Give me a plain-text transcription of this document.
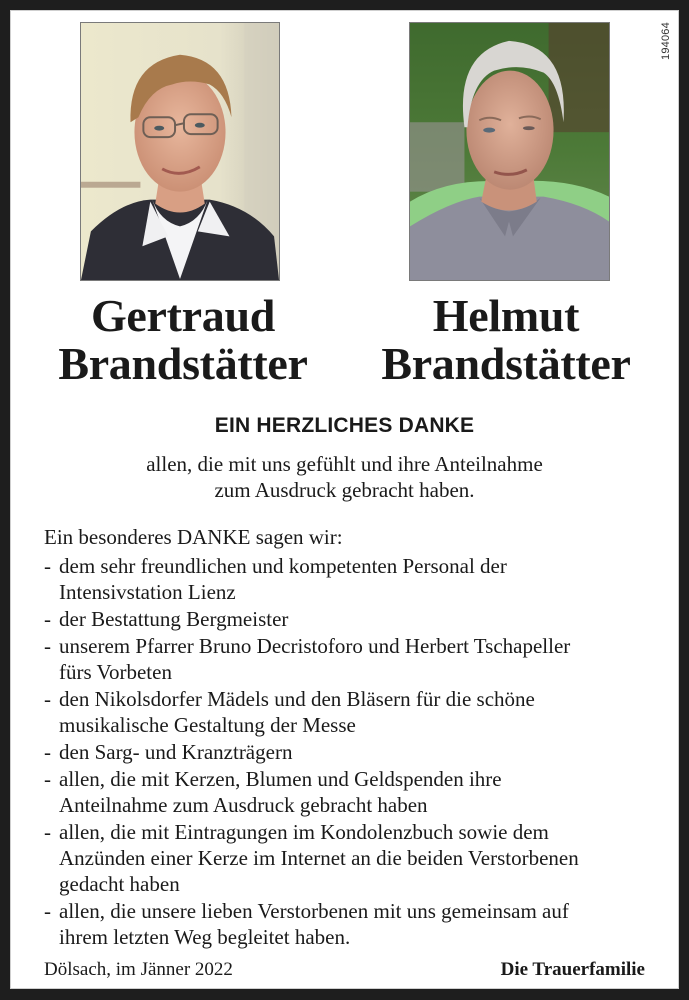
194064
Gertraud
Brandstätter
Helmut
Brandstätter
EIN HERZLICHES DANKE
allen, die mit uns gefühlt und ihre Anteilnahme
zum Ausdruck gebracht haben.
Ein besonderes DANKE sagen wir:
- dem sehr freundlichen und kompetenten Personal der
Intensivstation Lienz
- der Bestattung Bergmeister
- unserem Pfarrer Bruno Decristoforo und Herbert Tschapeller
fürs Vorbeten
- den Nikolsdorfer Mädels und den Bläsern für die schöne
musikalische Gestaltung der Messe
- den Sarg- und Kranzträgern
- allen, die mit Kerzen, Blumen und Geldspenden ihre
Anteilnahme zum Ausdruck gebracht haben
- allen, die mit Eintragungen im Kondolenzbuch sowie dem
Anzünden einer Kerze im Internet an die beiden Verstorbenen
gedacht haben
- allen, die unsere lieben Verstorbenen mit uns gemeinsam auf
ihrem letzten Weg begleitet haben.
Dölsach, im Jänner 2022	Die Trauerfamilie
